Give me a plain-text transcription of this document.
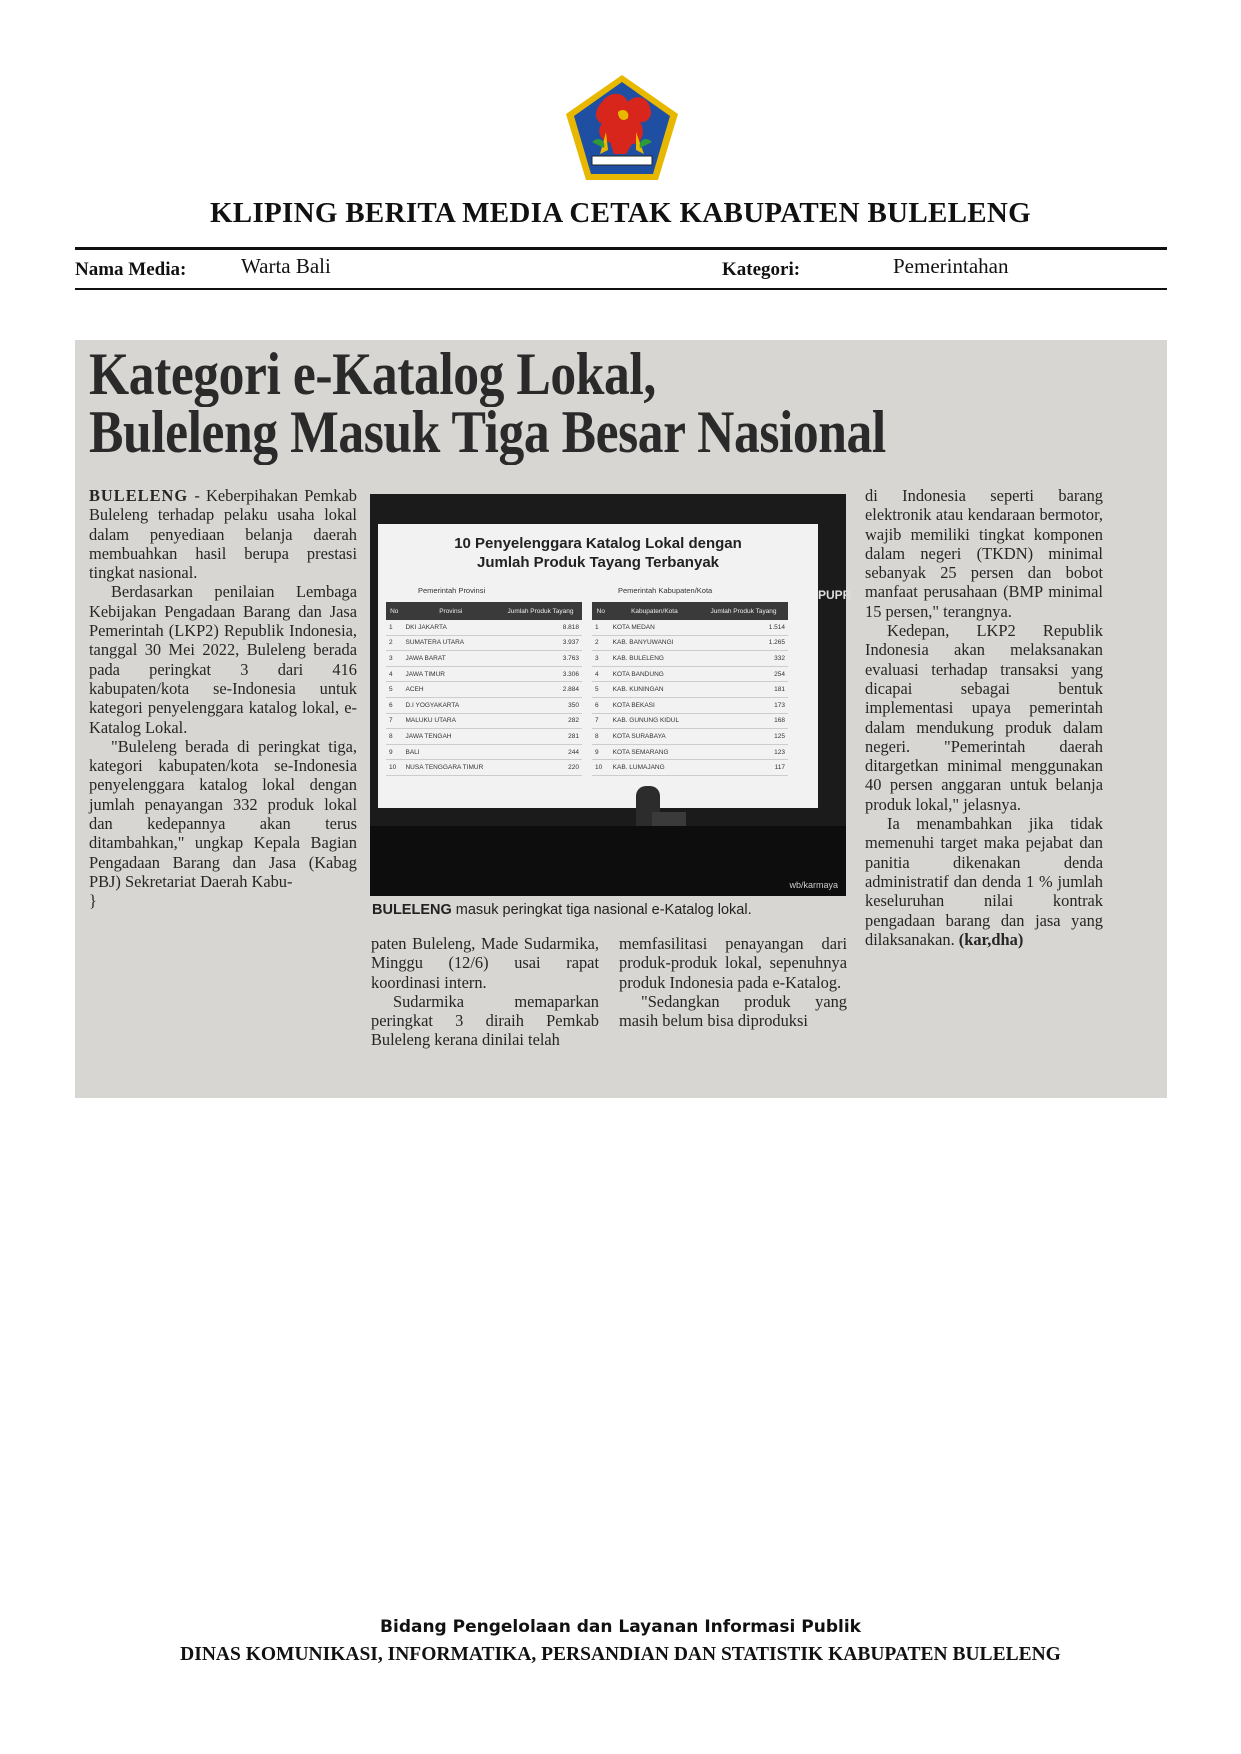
KLIPING BERITA MEDIA CETAK KABUPATEN BULELENG
Nama Media:	Warta Bali	Kategori:	Pemerintahan
Kategori e-Katalog Lokal,
Buleleng Masuk Tiga Besar Nasional

BULELENG - Keberpihakan Pemkab Buleleng terhadap pelaku usaha lokal dalam penyediaan belanja daerah membuahkan hasil berupa prestasi tingkat nasional.

Berdasarkan penilaian Lembaga Kebijakan Pengadaan Barang dan Jasa Pemerintah (LKP2) Republik Indonesia, tanggal 30 Mei 2022, Buleleng berada pada peringkat 3 dari 416 kabupaten/kota se-Indonesia untuk kategori penyelenggara katalog lokal, e-Katalog Lokal.

"Buleleng berada di peringkat tiga, kategori kabupaten/kota se-Indonesia penyelenggara katalog lokal dengan jumlah penayangan 332 produk lokal dan kedepannya akan terus ditambahkan," ungkap Kepala Bagian Pengadaan Barang dan Jasa (Kabag PBJ) Sekretariat Daerah Kabu-

}
10 Penyelenggara Katalog Lokal dengan
Jumlah Produk Tayang Terbanyak
Pemerintah Provinsi	Pemerintah Kabupaten/Kota
No	Provinsi	Jumlah Produk Tayang
1	DKI JAKARTA	8.818
2	SUMATERA UTARA	3.937
3	JAWA BARAT	3.763
4	JAWA TIMUR	3.306
5	ACEH	2.884
6	D.I YOGYAKARTA	350
7	MALUKU UTARA	282
8	JAWA TENGAH	281
9	BALI	244
10	NUSA TENGGARA TIMUR	220
No	Kabupaten/Kota	Jumlah Produk Tayang
1	KOTA MEDAN	1.514
2	KAB. BANYUWANGI	1.265
3	KAB. BULELENG	332
4	KOTA BANDUNG	254
5	KAB. KUNINGAN	181
6	KOTA BEKASI	173
7	KAB. GUNUNG KIDUL	168
8	KOTA SURABAYA	125
9	KOTA SEMARANG	123
10	KAB. LUMAJANG	117
PUPR
wb/karmaya
BULELENG masuk peringkat tiga nasional e-Katalog lokal.

paten Buleleng, Made Sudarmika, Minggu (12/6) usai rapat koordinasi intern.

Sudarmika memaparkan peringkat 3 diraih Pemkab Buleleng kerana dinilai telah

memfasilitasi penayangan dari produk-produk lokal, sepenuhnya produk Indonesia pada e-Katalog.

"Sedangkan produk yang masih belum bisa diproduksi

di Indonesia seperti barang elektronik atau kendaraan bermotor, wajib memiliki tingkat komponen dalam negeri (TKDN) minimal sebanyak 25 persen dan bobot manfaat perusahaan (BMP minimal 15 persen," terangnya.

Kedepan, LKP2 Republik Indonesia akan melaksanakan evaluasi terhadap transaksi yang dicapai sebagai bentuk implementasi upaya pemerintah dalam mendukung produk dalam negeri. "Pemerintah daerah ditargetkan minimal menggunakan 40 persen anggaran untuk belanja produk lokal," jelasnya.

Ia menambahkan jika tidak memenuhi target maka pejabat dan panitia dikenakan denda administratif dan denda 1 % jumlah keseluruhan nilai kontrak pengadaan barang dan jasa yang dilaksanakan. (kar,dha)

Bidang Pengelolaan dan Layanan Informasi Publik
DINAS KOMUNIKASI, INFORMATIKA, PERSANDIAN DAN STATISTIK KABUPATEN BULELENG
